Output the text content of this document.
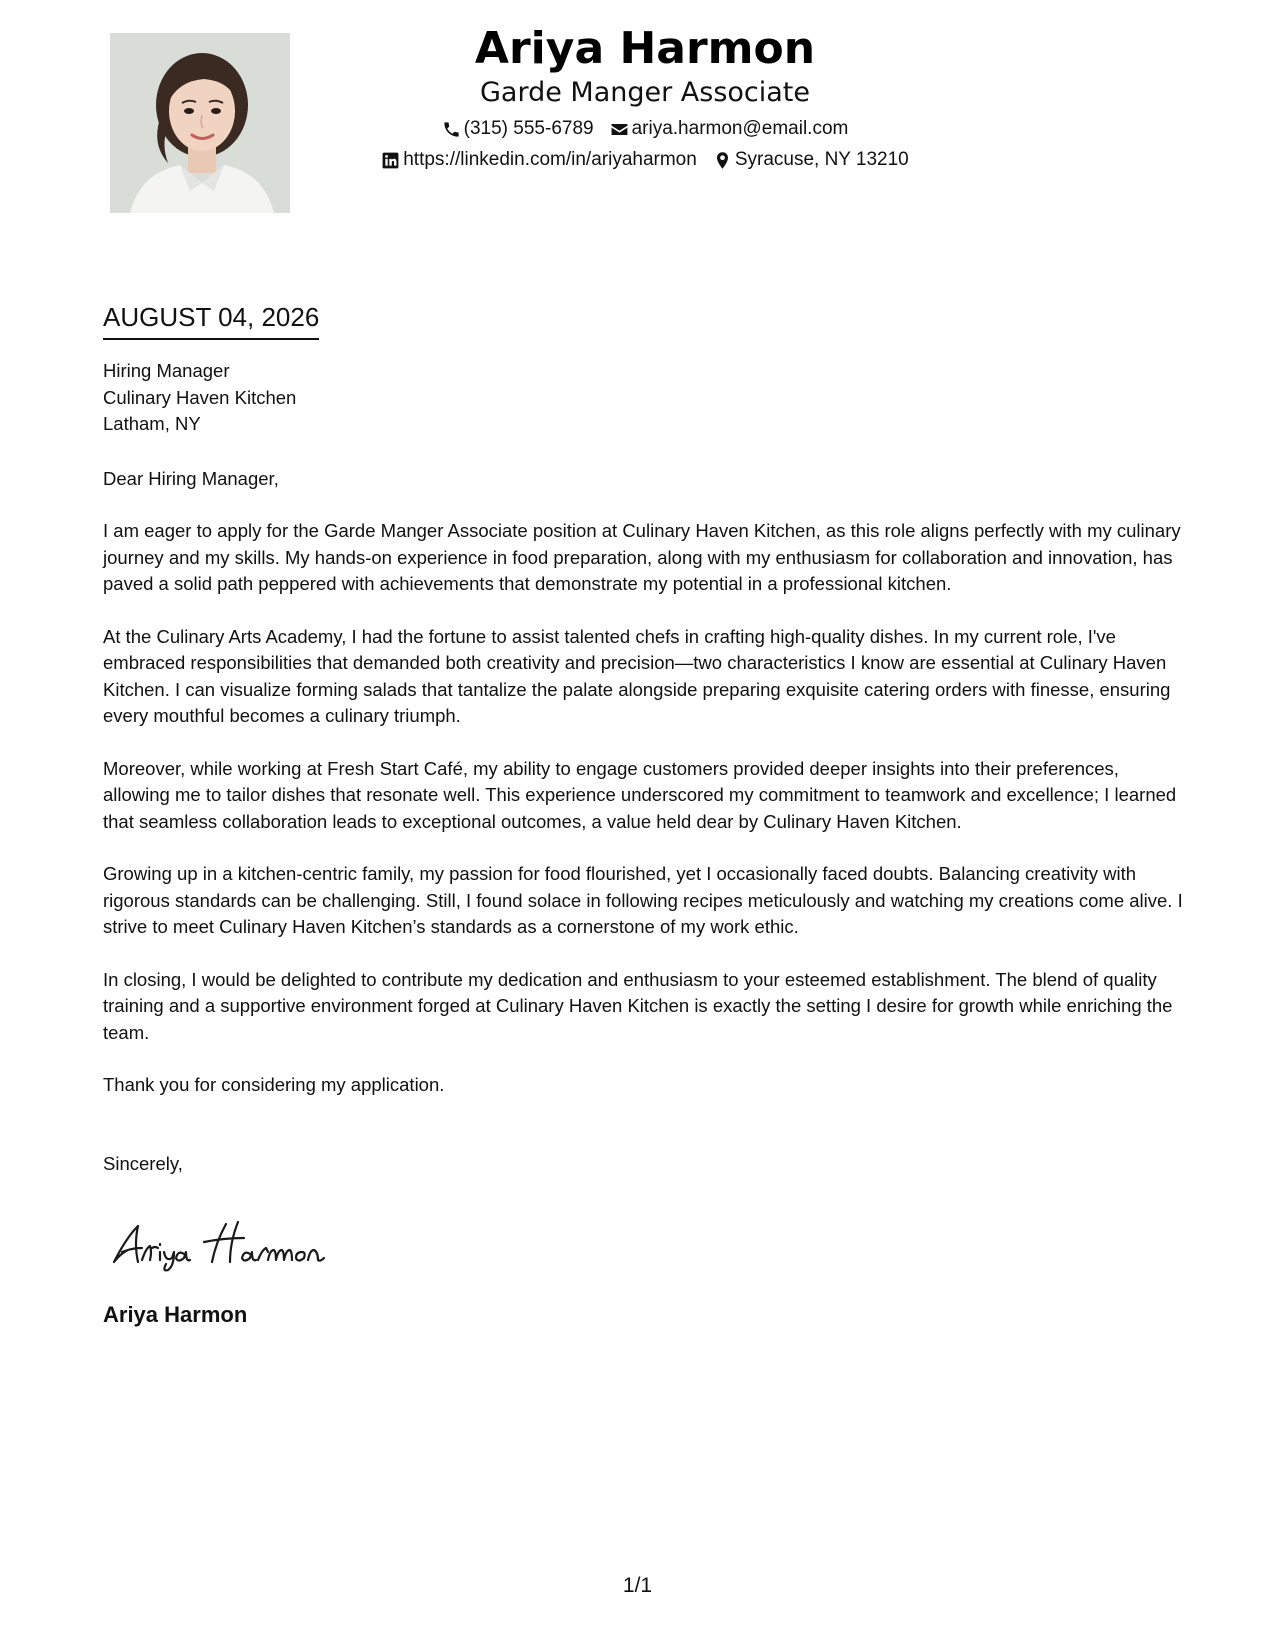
Ariya Harmon
Garde Manger Associate
(315) 555-6789 ariya.harmon@email.com
https://linkedin.com/in/ariyaharmon Syracuse, NY 13210
AUGUST 04, 2026
Hiring Manager
Culinary Haven Kitchen
Latham, NY

Dear Hiring Manager,

I am eager to apply for the Garde Manger Associate position at Culinary Haven Kitchen, as this role aligns perfectly with my culinary journey and my skills. My hands-on experience in food preparation, along with my enthusiasm for collaboration and innovation, has paved a solid path peppered with achievements that demonstrate my potential in a professional kitchen.

At the Culinary Arts Academy, I had the fortune to assist talented chefs in crafting high-quality dishes. In my current role, I've embraced responsibilities that demanded both creativity and precision—two characteristics I know are essential at Culinary Haven Kitchen. I can visualize forming salads that tantalize the palate alongside preparing exquisite catering orders with finesse, ensuring every mouthful becomes a culinary triumph.

Moreover, while working at Fresh Start Café, my ability to engage customers provided deeper insights into their preferences, allowing me to tailor dishes that resonate well. This experience underscored my commitment to teamwork and excellence; I learned that seamless collaboration leads to exceptional outcomes, a value held dear by Culinary Haven Kitchen.

Growing up in a kitchen-centric family, my passion for food flourished, yet I occasionally faced doubts. Balancing creativity with rigorous standards can be challenging. Still, I found solace in following recipes meticulously and watching my creations come alive. I strive to meet Culinary Haven Kitchen’s standards as a cornerstone of my work ethic.

In closing, I would be delighted to contribute my dedication and enthusiasm to your esteemed establishment. The blend of quality training and a supportive environment forged at Culinary Haven Kitchen is exactly the setting I desire for growth while enriching the team.

Thank you for considering my application.

Sincerely,

Ariya Harmon
1/1
